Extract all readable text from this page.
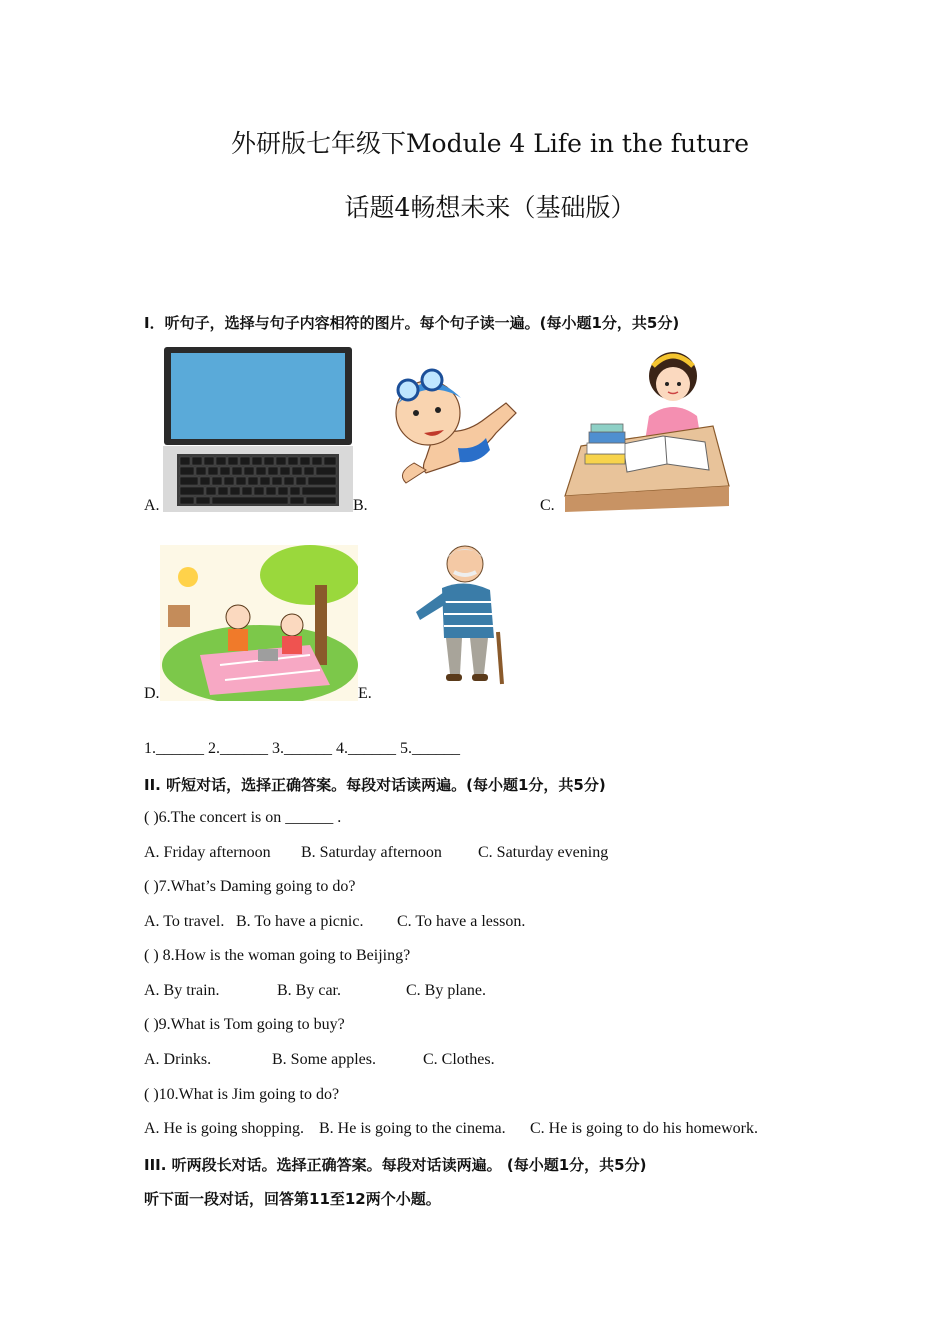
外研版七年级下Module 4 Life in the future
话题4畅想未来（基础版）
I．听句子，选择与句子内容相符的图片。每个句子读一遍。(每小题1分，共5分)
A.	B.	C.
D.	E.
1.______ 2.______ 3.______ 4.______ 5.______
II. 听短对话，选择正确答案。每段对话读两遍。(每小题1分，共5分)
( )6.The concert is on ______ .
A. Friday afternoon B. Saturday afternoon C. Saturday evening
( )7.What’s Daming going to do?
A. To travel. B. To have a picnic. C. To have a lesson.
( ) 8.How is the woman going to Beijing?
A. By train.	B. By car.	C. By plane.
( )9.What is Tom going to buy?
A. Drinks.	B. Some apples.	C. Clothes.
( )10.What is Jim going to do?
A. He is going shopping. B. He is going to the cinema. C. He is going to do his homework.
III. 听两段长对话。选择正确答案。每段对话读两遍。 (每小题1分，共5分)
听下面一段对话，回答第11至12两个小题。
